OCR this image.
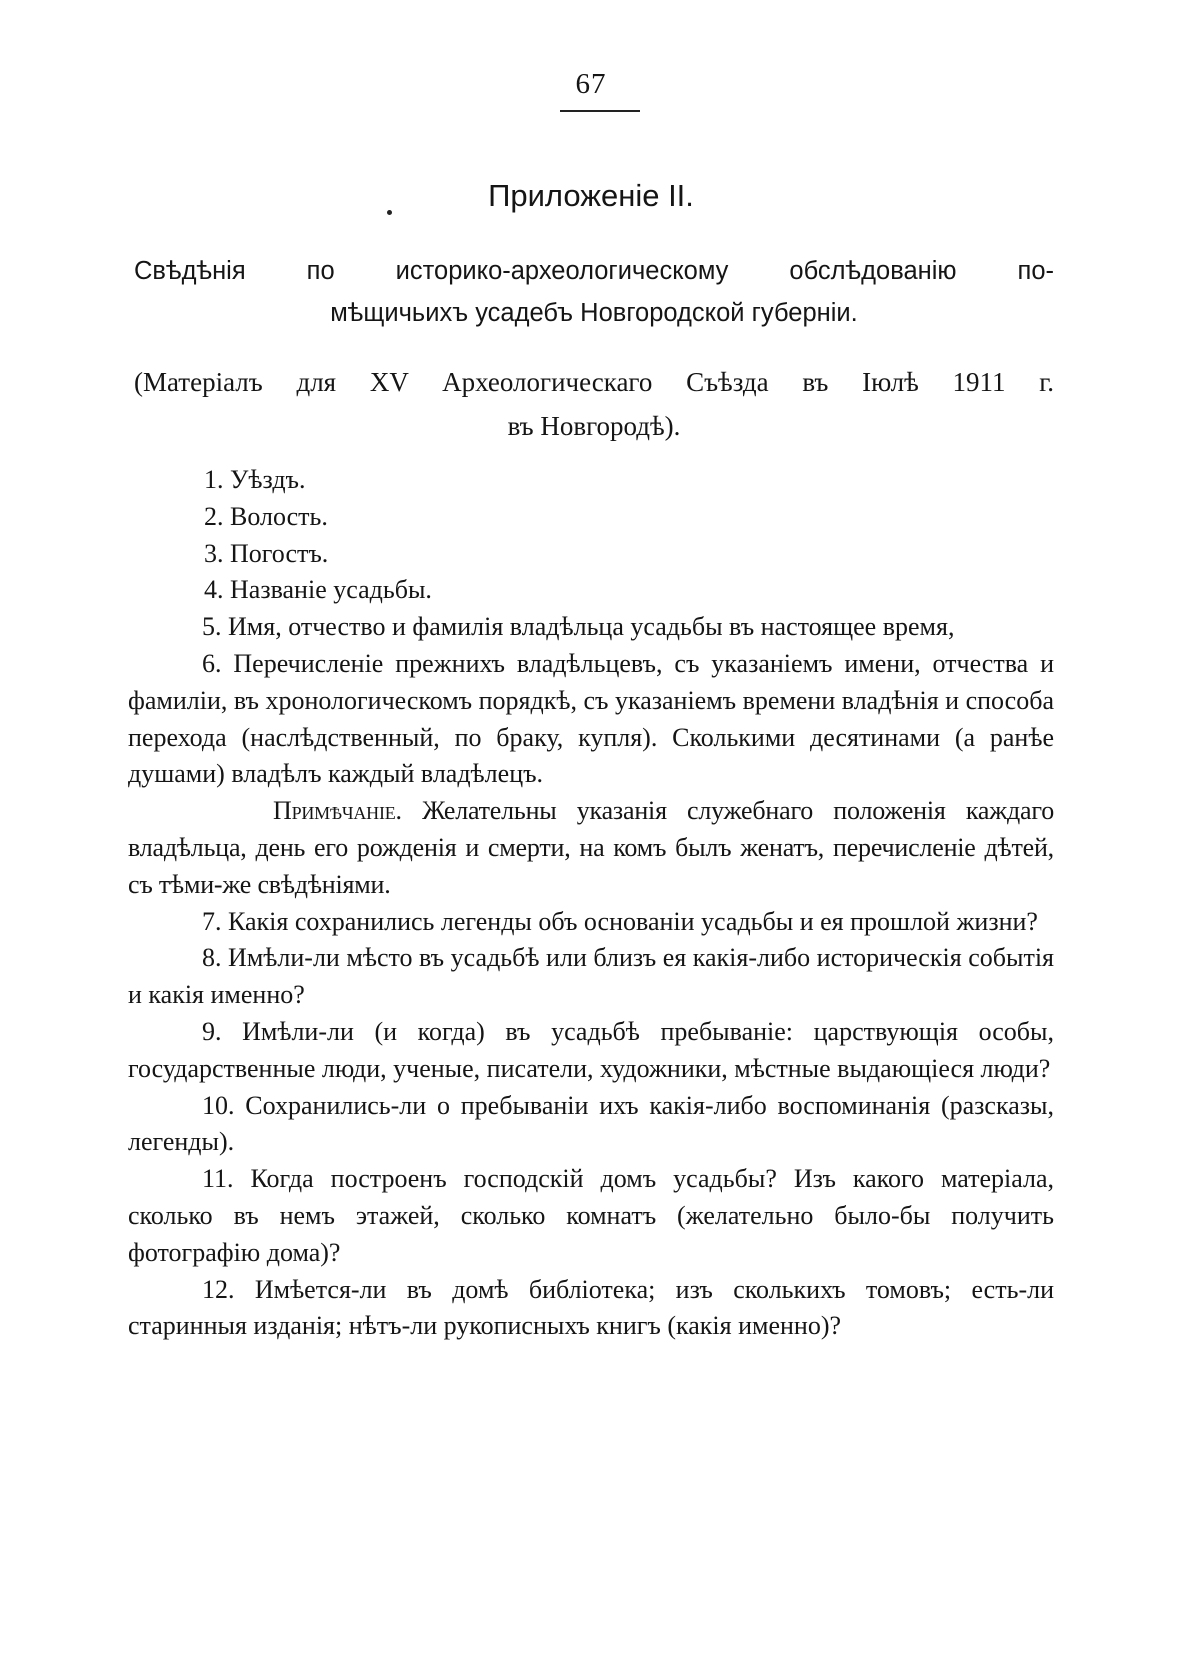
67
Приложеніе II.
Свѣдѣнія по историко-археологическому обслѣдованію по-
мѣщичьихъ усадебъ Новгородской губерніи.
(Матеріалъ для XV Археологическаго Съѣзда въ Іюлѣ 1911 г.
въ Новгородѣ).

1. Уѣздъ.

2. Волость.

3. Погостъ.

4. Названіе усадьбы.

5. Имя, отчество и фамилія владѣльца усадьбы въ настоящее время,

6. Перечисленіе прежнихъ владѣльцевъ, съ указаніемъ имени, отчества и фамиліи, въ хронологическомъ порядкѣ, съ указаніемъ времени владѣнія и способа перехода (наслѣдственный, по браку, купля). Сколькими десятинами (а ранѣе душами) владѣлъ каждый владѣлецъ.

Примѣчаніе. Желательны указанія служебнаго положенія каждаго владѣльца, день его рожденія и смерти, на комъ былъ женатъ, перечисленіе дѣтей, съ тѣми-же свѣдѣніями.

7. Какія сохранились легенды объ основаніи усадьбы и ея прошлой жизни?

8. Имѣли-ли мѣсто въ усадьбѣ или близъ ея какія-либо историческія событія и какія именно?

9. Имѣли-ли (и когда) въ усадьбѣ пребываніе: царствующія особы, государственные люди, ученые, писатели, художники, мѣстные выдающіеся люди?

10. Сохранились-ли о пребываніи ихъ какія-либо воспоминанія (разсказы, легенды).

11. Когда построенъ господскій домъ усадьбы? Изъ какого матеріала, сколько въ немъ этажей, сколько комнатъ (желательно было-бы получить фотографію дома)?

12. Имѣется-ли въ домѣ библіотека; изъ сколькихъ томовъ; есть-ли старинныя изданія; нѣтъ-ли рукописныхъ книгъ (какія именно)?
